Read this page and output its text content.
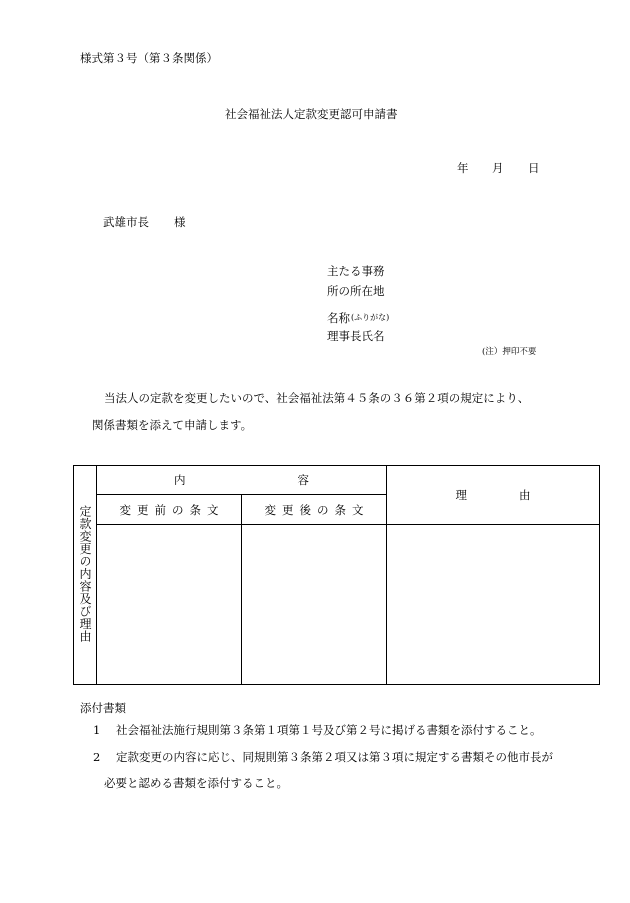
様式第３号（第３条関係）
社会福祉法人定款変更認可申請書
年 月 日
武雄市長 様
主たる事務
所の所在地
名称(ふりがな)
理事長氏名
(注）押印不要
当法人の定款を変更したいので、社会福祉法第４５条の３６第２項の規定により、
関係書類を添えて申請します。
定款変更の内容及び理由	内容		理由
	変更前の条文	変更後の条文	

添付書類
1 社会福祉法施行規則第３条第１項第１号及び第２号に掲げる書類を添付すること。
2 定款変更の内容に応じ、同規則第３条第２項又は第３項に規定する書類その他市長が
必要と認める書類を添付すること。
